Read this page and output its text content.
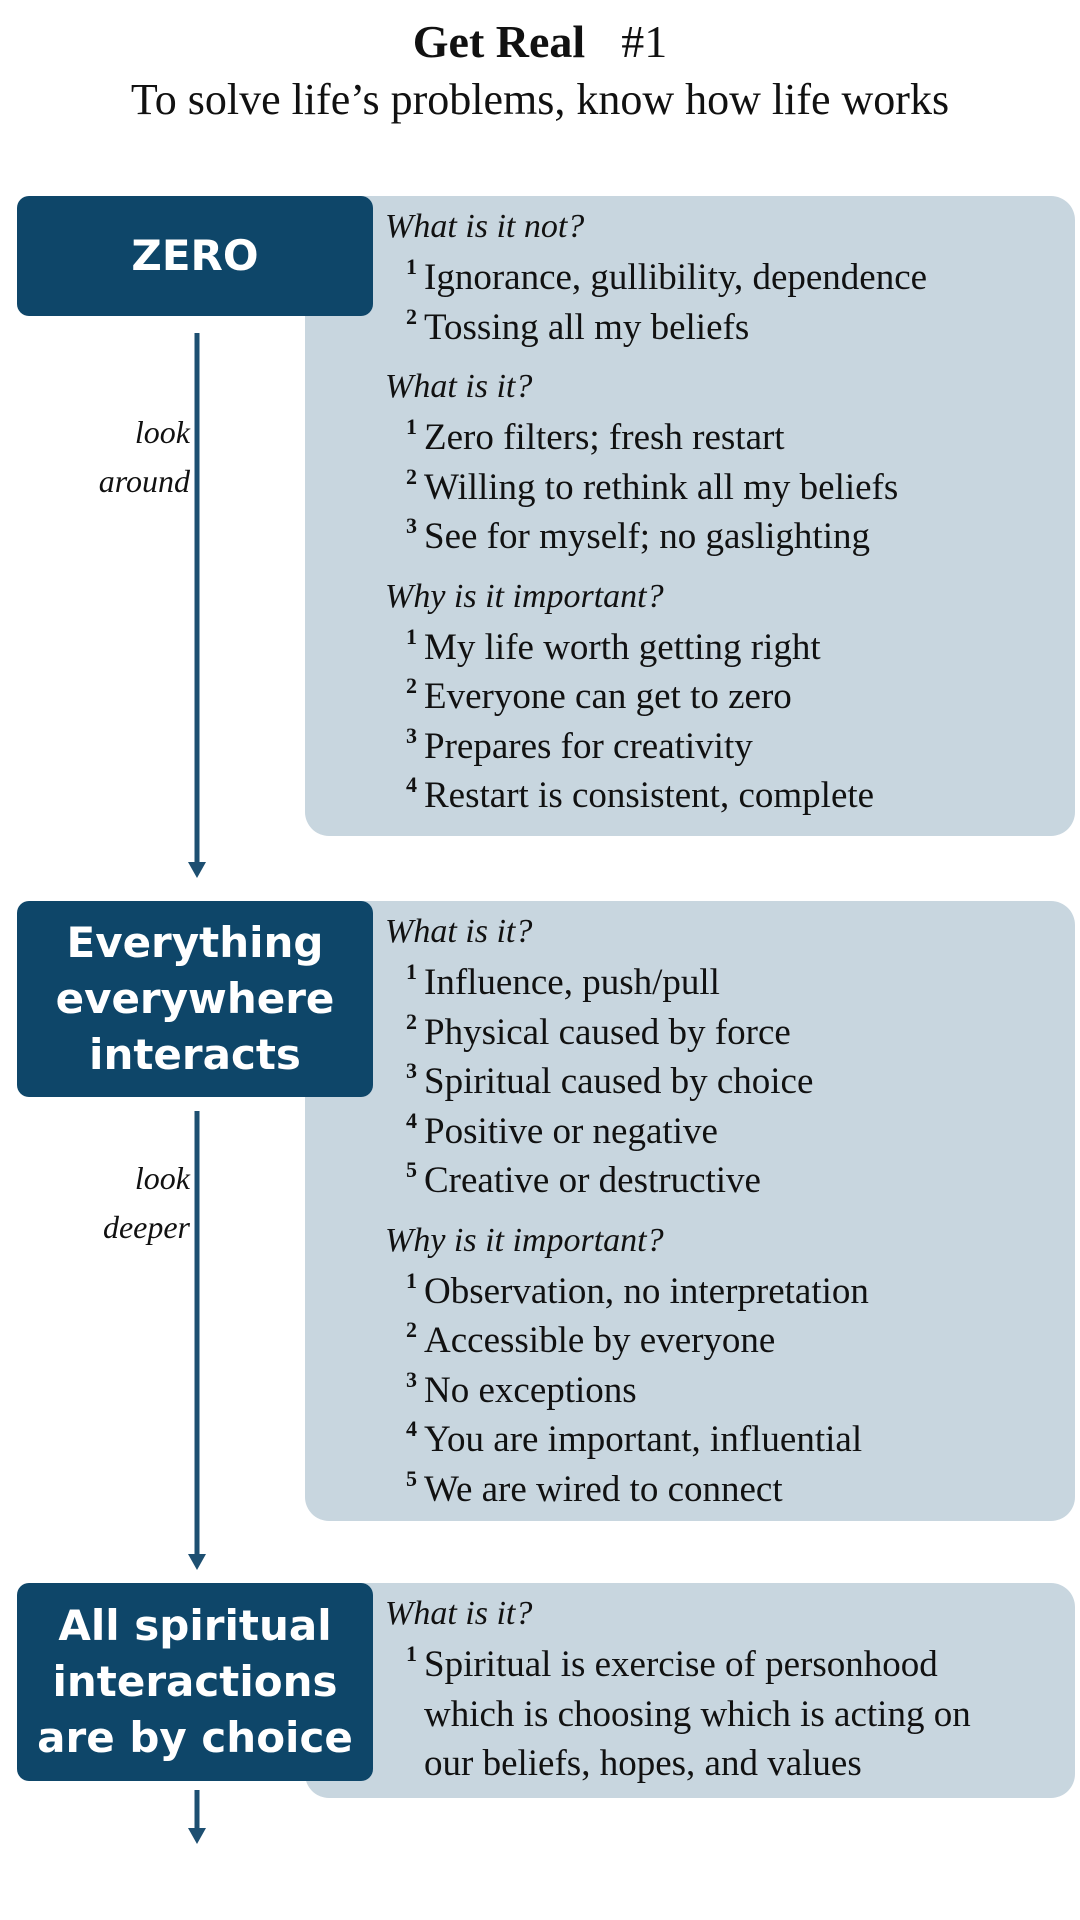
Get Real #1
To solve life’s problems, know how life works
ZERO
What is it not?
1 Ignorance, gullibility, dependence
2 Tossing all my beliefs
What is it?
1 Zero filters; fresh restart
2 Willing to rethink all my beliefs
3 See for myself; no gaslighting
Why is it important?
1 My life worth getting right
2 Everyone can get to zero
3 Prepares for creativity
4 Restart is consistent, complete
Everything
everywhere
interacts
What is it?
1 Influence, push/pull
2 Physical caused by force
3 Spiritual caused by choice
4 Positive or negative
5 Creative or destructive
Why is it important?
1 Observation, no interpretation
2 Accessible by everyone
3 No exceptions
4 You are important, influential
5 We are wired to connect
All spiritual
interactions
are by choice
What is it?
1 Spiritual is exercise of personhood
which is choosing which is acting on
our beliefs, hopes, and values
look
around
look
deeper
